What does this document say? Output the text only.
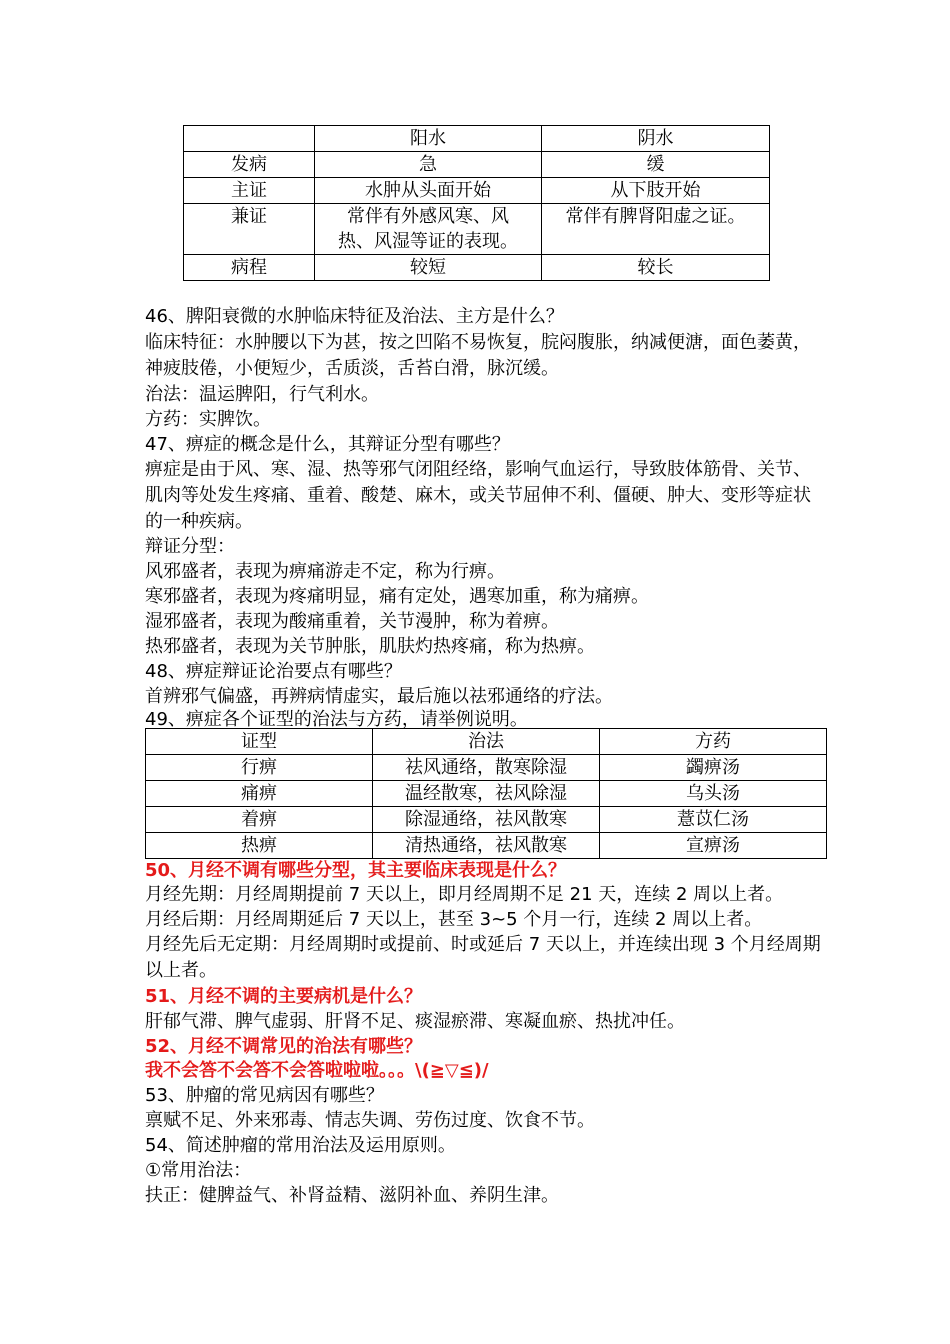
	阳水	阴水
发病	急	缓
主证	水肿从头面开始	从下肢开始
兼证	常伴有外感风寒、风热、风湿等证的表现。	常伴有脾肾阳虚之证。
病程	较短	较长
46、脾阳衰微的水肿临床特征及治法、主方是什么？
临床特征：水肿腰以下为甚，按之凹陷不易恢复，脘闷腹胀，纳减便溏，面色萎黄，神疲肢倦，小便短少，舌质淡，舌苔白滑，脉沉缓。
治法：温运脾阳，行气利水。
方药：实脾饮。
47、痹症的概念是什么，其辩证分型有哪些？
痹症是由于风、寒、湿、热等邪气闭阻经络，影响气血运行，导致肢体筋骨、关节、肌肉等处发生疼痛、重着、酸楚、麻木，或关节屈伸不利、僵硬、肿大、变形等症状的一种疾病。
辩证分型：
风邪盛者，表现为痹痛游走不定，称为行痹。
寒邪盛者，表现为疼痛明显，痛有定处，遇寒加重，称为痛痹。
湿邪盛者，表现为酸痛重着，关节漫肿，称为着痹。
热邪盛者，表现为关节肿胀，肌肤灼热疼痛，称为热痹。
48、痹症辩证论治要点有哪些？
首辨邪气偏盛，再辨病情虚实，最后施以祛邪通络的疗法。
49、痹症各个证型的治法与方药，请举例说明。
证型	治法	方药
行痹	祛风通络，散寒除湿	蠲痹汤
痛痹	温经散寒，祛风除湿	乌头汤
着痹	除湿通络，祛风散寒	薏苡仁汤
热痹	清热通络，祛风散寒	宣痹汤
50、月经不调有哪些分型，其主要临床表现是什么？
月经先期：月经周期提前 7 天以上，即月经周期不足 21 天，连续 2 周以上者。
月经后期：月经周期延后 7 天以上，甚至 3~5 个月一行，连续 2 周以上者。
月经先后无定期：月经周期时或提前、时或延后 7 天以上，并连续出现 3 个月经周期以上者。
51、月经不调的主要病机是什么？
肝郁气滞、脾气虚弱、肝肾不足、痰湿瘀滞、寒凝血瘀、热扰冲任。
52、月经不调常见的治法有哪些？
我不会答不会答不会答啦啦啦。。。\(≧▽≦)/
53、肿瘤的常见病因有哪些？
禀赋不足、外来邪毒、情志失调、劳伤过度、饮食不节。
54、简述肿瘤的常用治法及运用原则。
①常用治法：
扶正：健脾益气、补肾益精、滋阴补血、养阴生津。
